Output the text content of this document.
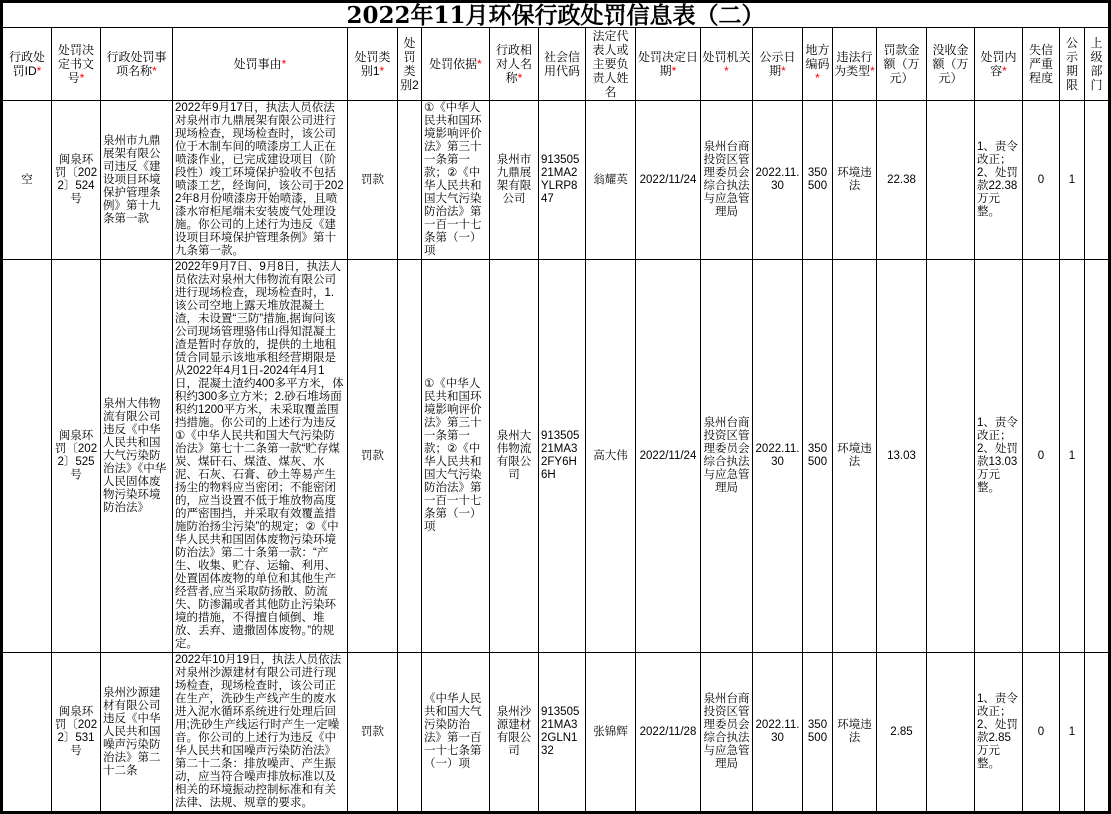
2022年11月环保行政处罚信息表（二）																				
行政处罚ID*	处罚决定书文号*	行政处罚事项名称*	处罚事由*	处罚类别1*	处罚类别2	处罚依据*	行政相对人名称*	社会信用代码	法定代表人或主要负责人姓名	处罚决定日期*	处罚机关*	公示日期*	地方编码*	违法行为类型*	罚款金额（万元）	没收金额（万元）	处罚内容*	失信严重程度	公示期限	上级部门
空	闽泉环罚〔2022〕524号	泉州市九鼎展架有限公司违反《建设项目环境保护管理条例》第十九条第一款	2022年9月17日，执法人员依法对泉州市九鼎展架有限公司进行现场检查，现场检查时，该公司位于木制车间的喷漆房工人正在喷漆作业，已完成建设项目（阶段性）竣工环境保护验收不包括喷漆工艺，经询问，该公司于2022年8月份喷漆房开始喷漆，且喷漆水帘柜尾端未安装废气处理设施。你公司的上述行为违反《建设项目环境保护管理条例》第十九条第一款。	罚款		①《中华人民共和国环境影响评价法》第三十一条第一款；②《中华人民共和国大气污染防治法》第一百一十七条第（一）项	泉州市九鼎展架有限公司	91350521MA2YLRP847	翁耀英	2022/11/24	泉州台商投资区管理委员会综合执法与应急管理局	2022.11.30	350500	环境违法	22.38		1、责令改正；2、处罚款22.38万元整。	0	1	
	闽泉环罚〔2022〕525号	泉州大伟物流有限公司违反《中华人民共和国大气污染防治法》《中华人民固体废物污染环境防治法》	2022年9月7日、9月8日，执法人员依法对泉州大伟物流有限公司进行现场检查，现场检查时，1.该公司空地上露天堆放混凝土渣，未设置“三防”措施,据询问该公司现场管理骆伟山得知混凝土渣是暂时存放的，提供的土地租赁合同显示该地承租经营期限是从2022年4月1日-2024年4月1日，混凝土渣约400多平方米，体积约300多立方米；2.砂石堆场面积约1200平方米，未采取覆盖围挡措施。你公司的上述行为违反①《中华人民共和国大气污染防治法》第七十二条第一款“贮存煤炭、煤矸石、煤渣、煤灰、水泥、石灰、石膏、砂土等易产生扬尘的物料应当密闭；不能密闭的，应当设置不低于堆放物高度的严密围挡，并采取有效覆盖措施防治扬尘污染”的规定；②《中华人民共和国固体废物污染环境防治法》第二十条第一款：“产生、收集、贮存、运输、利用、处置固体废物的单位和其他生产经营者,应当采取防扬散、防流失、防渗漏或者其他防止污染环境的措施，不得擅自倾倒、堆放、丢弃、遗撒固体废物。”的规定。	罚款		①《中华人民共和国环境影响评价法》第三十一条第一款；②《中华人民共和国大气污染防治法》第一百一十七条第（一）项	泉州大伟物流有限公司	91350521MA32FY6H6H	高大伟	2022/11/24	泉州台商投资区管理委员会综合执法与应急管理局	2022.11.30	350500	环境违法	13.03		1、责令改正；2、处罚款13.03万元整。	0	1	
	闽泉环罚〔2022〕531号	泉州沙源建材有限公司违反《中华人民共和国噪声污染防治法》第二十二条	2022年10月19日，执法人员依法对泉州沙源建材有限公司进行现场检查，现场检查时，该公司正在生产，洗砂生产线产生的废水进入泥水循环系统进行处理后回用;洗砂生产线运行时产生一定噪音。你公司的上述行为违反《中华人民共和国噪声污染防治法》第二十二条：排放噪声、产生振动，应当符合噪声排放标准以及相关的环境振动控制标准和有关法律、法规、规章的要求。	罚款		《中华人民共和国大气污染防治法》第一百一十七条第（一）项	泉州沙源建材有限公司	91350521MA32GLN132	张锦辉	2022/11/28	泉州台商投资区管理委员会综合执法与应急管理局	2022.11.30	350500	环境违法	2.85		1、责令改正；2、处罚款2.85万元整。	0	1	
